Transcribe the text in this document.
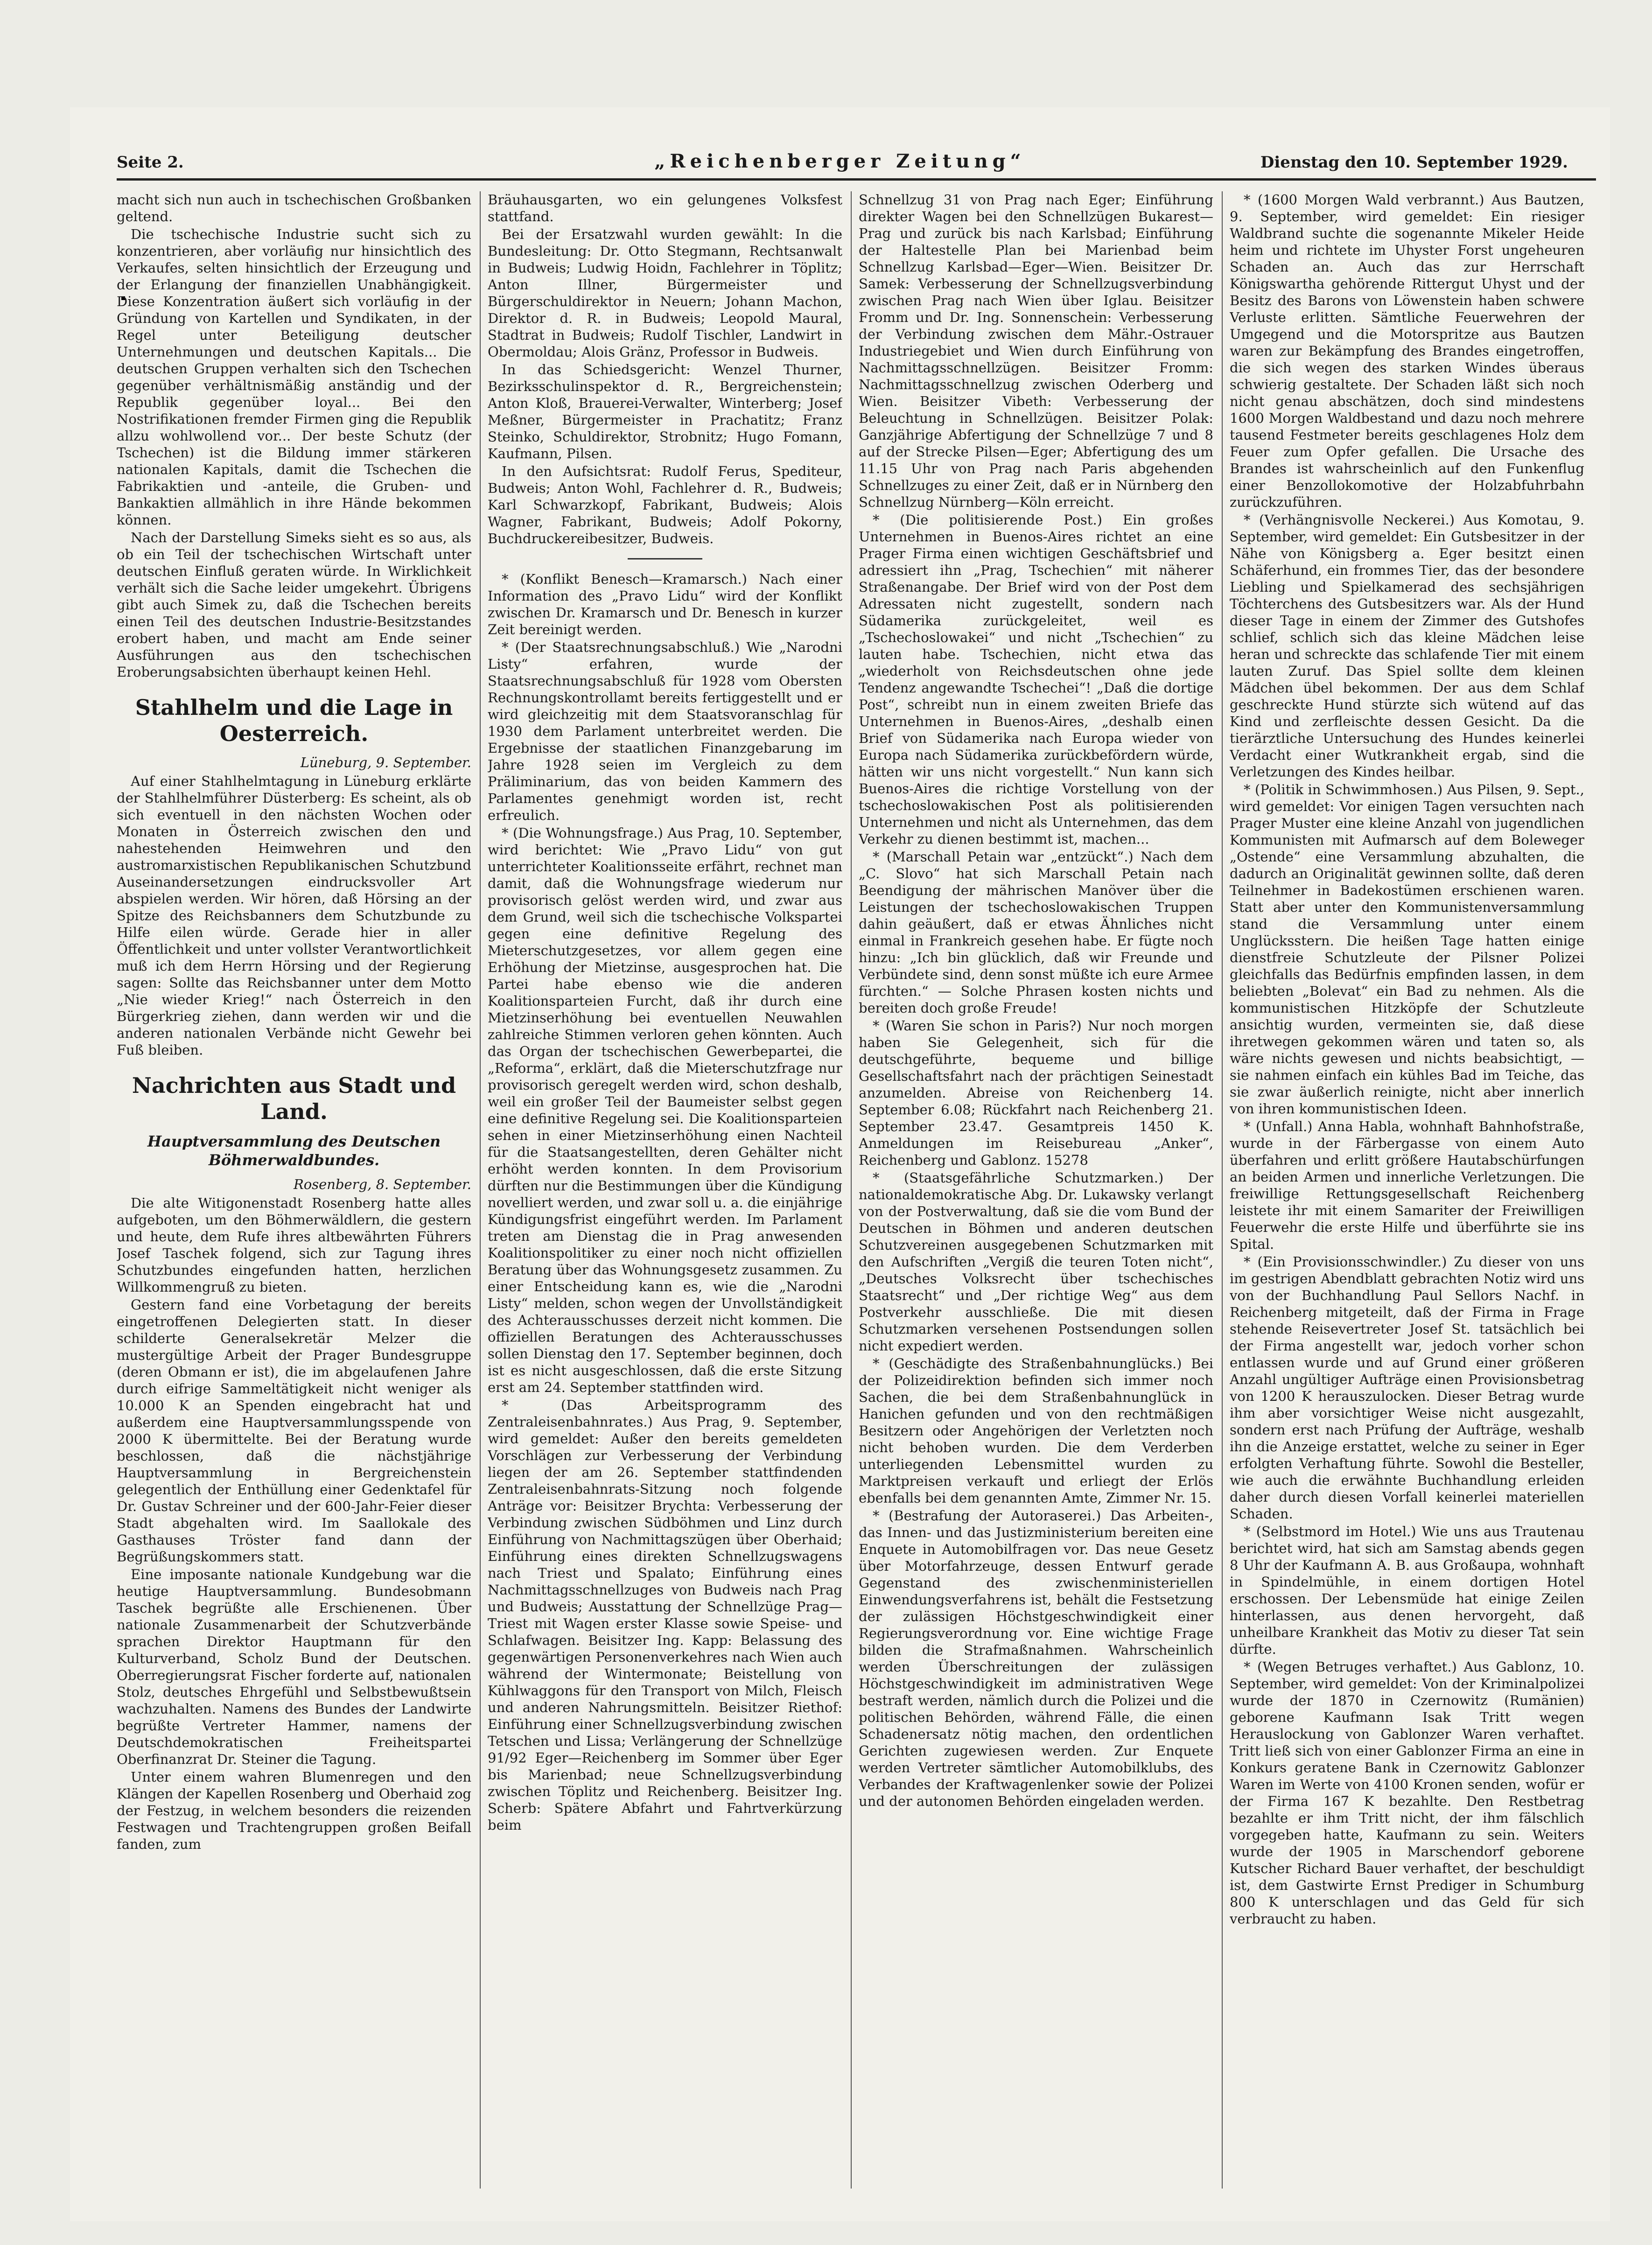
Seite 2.	„Reichenberger Zeitung“	Dienstag den 10. September 1929.

macht sich nun auch in tschechischen Großbanken geltend.

Die tschechische Industrie sucht sich zu konzentrieren, aber vorläufig nur hinsichtlich des Verkaufes, selten hinsichtlich der Erzeugung und der Erlangung der finanziellen Unabhängigkeit. Diese Konzentration äußert sich vorläufig in der Gründung von Kartellen und Syndikaten, in der Regel unter Beteiligung deutscher Unternehmungen und deutschen Kapitals... Die deutschen Gruppen verhalten sich den Tschechen gegenüber verhältnismäßig anständig und der Republik gegenüber loyal... Bei den Nostrifikationen fremder Firmen ging die Republik allzu wohlwollend vor... Der beste Schutz (der Tschechen) ist die Bildung immer stärkeren nationalen Kapitals, damit die Tschechen die Fabrikaktien und -anteile, die Gruben- und Bankaktien allmählich in ihre Hände bekommen können.

Nach der Darstellung Simeks sieht es so aus, als ob ein Teil der tschechischen Wirtschaft unter deutschen Einfluß geraten würde. In Wirklichkeit verhält sich die Sache leider umgekehrt. Übrigens gibt auch Simek zu, daß die Tschechen bereits einen Teil des deutschen Industrie-Besitzstandes erobert haben, und macht am Ende seiner Ausführungen aus den tschechischen Eroberungsabsichten überhaupt keinen Hehl.

Stahlhelm und die Lage in Oesterreich.

Lüneburg, 9. September.

Auf einer Stahlhelmtagung in Lüneburg erklärte der Stahlhelmführer Düsterberg: Es scheint, als ob sich eventuell in den nächsten Wochen oder Monaten in Österreich zwischen den und nahestehenden Heimwehren und den austromarxistischen Republikanischen Schutzbund Auseinandersetzungen eindrucksvoller Art abspielen werden. Wir hören, daß Hörsing an der Spitze des Reichsbanners dem Schutzbunde zu Hilfe eilen würde. Gerade hier in aller Öffentlichkeit und unter vollster Verantwortlichkeit muß ich dem Herrn Hörsing und der Regierung sagen: Sollte das Reichsbanner unter dem Motto „Nie wieder Krieg!“ nach Österreich in den Bürgerkrieg ziehen, dann werden wir und die anderen nationalen Verbände nicht Gewehr bei Fuß bleiben.

Nachrichten aus Stadt und Land.
Hauptversammlung des Deutschen Böhmerwaldbundes.

Rosenberg, 8. September.

Die alte Witigonenstadt Rosenberg hatte alles aufgeboten, um den Böhmerwäldlern, die gestern und heute, dem Rufe ihres altbewährten Führers Josef Taschek folgend, sich zur Tagung ihres Schutzbundes eingefunden hatten, herzlichen Willkommengruß zu bieten.

Gestern fand eine Vorbetagung der bereits eingetroffenen Delegierten statt. In dieser schilderte Generalsekretär Melzer die mustergültige Arbeit der Prager Bundesgruppe (deren Obmann er ist), die im abgelaufenen Jahre durch eifrige Sammeltätigkeit nicht weniger als 10.000 K an Spenden eingebracht hat und außerdem eine Hauptversammlungsspende von 2000 K übermittelte. Bei der Beratung wurde beschlossen, daß die nächstjährige Hauptversammlung in Bergreichenstein gelegentlich der Enthüllung einer Gedenktafel für Dr. Gustav Schreiner und der 600-Jahr-Feier dieser Stadt abgehalten wird. Im Saallokale des Gasthauses Tröster fand dann der Begrüßungskommers statt.

Eine imposante nationale Kundgebung war die heutige Hauptversammlung. Bundesobmann Taschek begrüßte alle Erschienenen. Über nationale Zusammenarbeit der Schutzverbände sprachen Direktor Hauptmann für den Kulturverband, Scholz Bund der Deutschen. Oberregierungsrat Fischer forderte auf, nationalen Stolz, deutsches Ehrgefühl und Selbstbewußtsein wachzuhalten. Namens des Bundes der Landwirte begrüßte Vertreter Hammer, namens der Deutschdemokratischen Freiheitspartei Oberfinanzrat Dr. Steiner die Tagung.

Unter einem wahren Blumenregen und den Klängen der Kapellen Rosenberg und Oberhaid zog der Festzug, in welchem besonders die reizenden Festwagen und Trachtengruppen großen Beifall fanden, zum

Bräuhausgarten, wo ein gelungenes Volksfest stattfand.

Bei der Ersatzwahl wurden gewählt: In die Bundesleitung: Dr. Otto Stegmann, Rechtsanwalt in Budweis; Ludwig Hoidn, Fachlehrer in Töplitz; Anton Illner, Bürgermeister und Bürgerschuldirektor in Neuern; Johann Machon, Direktor d. R. in Budweis; Leopold Maural, Stadtrat in Budweis; Rudolf Tischler, Landwirt in Obermoldau; Alois Gränz, Professor in Budweis.

In das Schiedsgericht: Wenzel Thurner, Bezirksschulinspektor d. R., Bergreichenstein; Anton Kloß, Brauerei-Verwalter, Winterberg; Josef Meßner, Bürgermeister in Prachatitz; Franz Steinko, Schuldirektor, Strobnitz; Hugo Fomann, Kaufmann, Pilsen.

In den Aufsichtsrat: Rudolf Ferus, Spediteur, Budweis; Anton Wohl, Fachlehrer d. R., Budweis; Karl Schwarzkopf, Fabrikant, Budweis; Alois Wagner, Fabrikant, Budweis; Adolf Pokorny, Buchdruckereibesitzer, Budweis.

* (Konflikt Benesch—Kramarsch.) Nach einer Information des „Pravo Lidu“ wird der Konflikt zwischen Dr. Kramarsch und Dr. Benesch in kurzer Zeit bereinigt werden.

* (Der Staatsrechnungsabschluß.) Wie „Narodni Listy“ erfahren, wurde der Staatsrechnungsabschluß für 1928 vom Obersten Rechnungskontrollamt bereits fertiggestellt und er wird gleichzeitig mit dem Staatsvoranschlag für 1930 dem Parlament unterbreitet werden. Die Ergebnisse der staatlichen Finanzgebarung im Jahre 1928 seien im Vergleich zu dem Präliminarium, das von beiden Kammern des Parlamentes genehmigt worden ist, recht erfreulich.

* (Die Wohnungsfrage.) Aus Prag, 10. September, wird berichtet: Wie „Pravo Lidu“ von gut unterrichteter Koalitionsseite erfährt, rechnet man damit, daß die Wohnungsfrage wiederum nur provisorisch gelöst werden wird, und zwar aus dem Grund, weil sich die tschechische Volkspartei gegen eine definitive Regelung des Mieterschutzgesetzes, vor allem gegen eine Erhöhung der Mietzinse, ausgesprochen hat. Die Partei habe ebenso wie die anderen Koalitionsparteien Furcht, daß ihr durch eine Mietzinserhöhung bei eventuellen Neuwahlen zahlreiche Stimmen verloren gehen könnten. Auch das Organ der tschechischen Gewerbepartei, die „Reforma“, erklärt, daß die Mieterschutzfrage nur provisorisch geregelt werden wird, schon deshalb, weil ein großer Teil der Baumeister selbst gegen eine definitive Regelung sei. Die Koalitionsparteien sehen in einer Mietzinserhöhung einen Nachteil für die Staatsangestellten, deren Gehälter nicht erhöht werden konnten. In dem Provisorium dürften nur die Bestimmungen über die Kündigung novelliert werden, und zwar soll u. a. die einjährige Kündigungsfrist eingeführt werden. Im Parlament treten am Dienstag die in Prag anwesenden Koalitionspolitiker zu einer noch nicht offiziellen Beratung über das Wohnungsgesetz zusammen. Zu einer Entscheidung kann es, wie die „Narodni Listy“ melden, schon wegen der Unvollständigkeit des Achterausschusses derzeit nicht kommen. Die offiziellen Beratungen des Achterausschusses sollen Dienstag den 17. September beginnen, doch ist es nicht ausgeschlossen, daß die erste Sitzung erst am 24. September stattfinden wird.

* (Das Arbeitsprogramm des Zentraleisenbahnrates.) Aus Prag, 9. September, wird gemeldet: Außer den bereits gemeldeten Vorschlägen zur Verbesserung der Verbindung liegen der am 26. September stattfindenden Zentraleisenbahnrats-Sitzung noch folgende Anträge vor: Beisitzer Brychta: Verbesserung der Verbindung zwischen Südböhmen und Linz durch Einführung von Nachmittagszügen über Oberhaid; Einführung eines direkten Schnellzugswagens nach Triest und Spalato; Einführung eines Nachmittagsschnellzuges von Budweis nach Prag und Budweis; Ausstattung der Schnellzüge Prag—Triest mit Wagen erster Klasse sowie Speise- und Schlafwagen. Beisitzer Ing. Kapp: Belassung des gegenwärtigen Personenverkehres nach Wien auch während der Wintermonate; Beistellung von Kühlwaggons für den Transport von Milch, Fleisch und anderen Nahrungsmitteln. Beisitzer Riethof: Einführung einer Schnellzugsverbindung zwischen Tetschen und Lissa; Verlängerung der Schnellzüge 91/92 Eger—Reichenberg im Sommer über Eger bis Marienbad; neue Schnellzugsverbindung zwischen Töplitz und Reichenberg. Beisitzer Ing. Scherb: Spätere Abfahrt und Fahrtverkürzung beim

Schnellzug 31 von Prag nach Eger; Einführung direkter Wagen bei den Schnellzügen Bukarest—Prag und zurück bis nach Karlsbad; Einführung der Haltestelle Plan bei Marienbad beim Schnellzug Karlsbad—Eger—Wien. Beisitzer Dr. Samek: Verbesserung der Schnellzugsverbindung zwischen Prag nach Wien über Iglau. Beisitzer Fromm und Dr. Ing. Sonnenschein: Verbesserung der Verbindung zwischen dem Mähr.-Ostrauer Industriegebiet und Wien durch Einführung von Nachmittagsschnellzügen. Beisitzer Fromm: Nachmittagsschnellzug zwischen Oderberg und Wien. Beisitzer Vibeth: Verbesserung der Beleuchtung in Schnellzügen. Beisitzer Polak: Ganzjährige Abfertigung der Schnellzüge 7 und 8 auf der Strecke Pilsen—Eger; Abfertigung des um 11.15 Uhr von Prag nach Paris abgehenden Schnellzuges zu einer Zeit, daß er in Nürnberg den Schnellzug Nürnberg—Köln erreicht.

* (Die politisierende Post.) Ein großes Unternehmen in Buenos-Aires richtet an eine Prager Firma einen wichtigen Geschäftsbrief und adressiert ihn „Prag, Tschechien“ mit näherer Straßenangabe. Der Brief wird von der Post dem Adressaten nicht zugestellt, sondern nach Südamerika zurückgeleitet, weil es „Tschechoslowakei“ und nicht „Tschechien“ zu lauten habe. Tschechien, nicht etwa das „wiederholt von Reichsdeutschen ohne jede Tendenz angewandte Tschechei“! „Daß die dortige Post“, schreibt nun in einem zweiten Briefe das Unternehmen in Buenos-Aires, „deshalb einen Brief von Südamerika nach Europa wieder von Europa nach Südamerika zurückbefördern würde, hätten wir uns nicht vorgestellt.“ Nun kann sich Buenos-Aires die richtige Vorstellung von der tschechoslowakischen Post als politisierenden Unternehmen und nicht als Unternehmen, das dem Verkehr zu dienen bestimmt ist, machen...

* (Marschall Petain war „entzückt“.) Nach dem „C. Slovo“ hat sich Marschall Petain nach Beendigung der mährischen Manöver über die Leistungen der tschechoslowakischen Truppen dahin geäußert, daß er etwas Ähnliches nicht einmal in Frankreich gesehen habe. Er fügte noch hinzu: „Ich bin glücklich, daß wir Freunde und Verbündete sind, denn sonst müßte ich eure Armee fürchten.“ — Solche Phrasen kosten nichts und bereiten doch große Freude!

* (Waren Sie schon in Paris?) Nur noch morgen haben Sie Gelegenheit, sich für die deutschgeführte, bequeme und billige Gesellschaftsfahrt nach der prächtigen Seinestadt anzumelden. Abreise von Reichenberg 14. September 6.08; Rückfahrt nach Reichenberg 21. September 23.47. Gesamtpreis 1450 K. Anmeldungen im Reisebureau „Anker“, Reichenberg und Gablonz. 15278

* (Staatsgefährliche Schutzmarken.) Der nationaldemokratische Abg. Dr. Lukawsky verlangt von der Postverwaltung, daß sie die vom Bund der Deutschen in Böhmen und anderen deutschen Schutzvereinen ausgegebenen Schutzmarken mit den Aufschriften „Vergiß die teuren Toten nicht“, „Deutsches Volksrecht über tschechisches Staatsrecht“ und „Der richtige Weg“ aus dem Postverkehr ausschließe. Die mit diesen Schutzmarken versehenen Postsendungen sollen nicht expediert werden.

* (Geschädigte des Straßenbahnunglücks.) Bei der Polizeidirektion befinden sich immer noch Sachen, die bei dem Straßenbahnunglück in Hanichen gefunden und von den rechtmäßigen Besitzern oder Angehörigen der Verletzten noch nicht behoben wurden. Die dem Verderben unterliegenden Lebensmittel wurden zu Marktpreisen verkauft und erliegt der Erlös ebenfalls bei dem genannten Amte, Zimmer Nr. 15.

* (Bestrafung der Autoraserei.) Das Arbeiten-, das Innen- und das Justizministerium bereiten eine Enquete in Automobilfragen vor. Das neue Gesetz über Motorfahrzeuge, dessen Entwurf gerade Gegenstand des zwischenministeriellen Einwendungsverfahrens ist, behält die Festsetzung der zulässigen Höchstgeschwindigkeit einer Regierungsverordnung vor. Eine wichtige Frage bilden die Strafmaßnahmen. Wahrscheinlich werden Überschreitungen der zulässigen Höchstgeschwindigkeit im administrativen Wege bestraft werden, nämlich durch die Polizei und die politischen Behörden, während Fälle, die einen Schadenersatz nötig machen, den ordentlichen Gerichten zugewiesen werden. Zur Enquete werden Vertreter sämtlicher Automobilklubs, des Verbandes der Kraftwagenlenker sowie der Polizei und der autonomen Behörden eingeladen werden.

* (1600 Morgen Wald verbrannt.) Aus Bautzen, 9. September, wird gemeldet: Ein riesiger Waldbrand suchte die sogenannte Mikeler Heide heim und richtete im Uhyster Forst ungeheuren Schaden an. Auch das zur Herrschaft Königswartha gehörende Rittergut Uhyst und der Besitz des Barons von Löwenstein haben schwere Verluste erlitten. Sämtliche Feuerwehren der Umgegend und die Motorspritze aus Bautzen waren zur Bekämpfung des Brandes eingetroffen, die sich wegen des starken Windes überaus schwierig gestaltete. Der Schaden läßt sich noch nicht genau abschätzen, doch sind mindestens 1600 Morgen Waldbestand und dazu noch mehrere tausend Festmeter bereits geschlagenes Holz dem Feuer zum Opfer gefallen. Die Ursache des Brandes ist wahrscheinlich auf den Funkenflug einer Benzollokomotive der Holzabfuhrbahn zurückzuführen.

* (Verhängnisvolle Neckerei.) Aus Komotau, 9. September, wird gemeldet: Ein Gutsbesitzer in der Nähe von Königsberg a. Eger besitzt einen Schäferhund, ein frommes Tier, das der besondere Liebling und Spielkamerad des sechsjährigen Töchterchens des Gutsbesitzers war. Als der Hund dieser Tage in einem der Zimmer des Gutshofes schlief, schlich sich das kleine Mädchen leise heran und schreckte das schlafende Tier mit einem lauten Zuruf. Das Spiel sollte dem kleinen Mädchen übel bekommen. Der aus dem Schlaf geschreckte Hund stürzte sich wütend auf das Kind und zerfleischte dessen Gesicht. Da die tierärztliche Untersuchung des Hundes keinerlei Verdacht einer Wutkrankheit ergab, sind die Verletzungen des Kindes heilbar.

* (Politik in Schwimmhosen.) Aus Pilsen, 9. Sept., wird gemeldet: Vor einigen Tagen versuchten nach Prager Muster eine kleine Anzahl von jugendlichen Kommunisten mit Aufmarsch auf dem Boleweger „Ostende“ eine Versammlung abzuhalten, die dadurch an Originalität gewinnen sollte, daß deren Teilnehmer in Badekostümen erschienen waren. Statt aber unter den Kommunistenversammlung stand die Versammlung unter einem Unglücksstern. Die heißen Tage hatten einige dienstfreie Schutzleute der Pilsner Polizei gleichfalls das Bedürfnis empfinden lassen, in dem beliebten „Bolevat“ ein Bad zu nehmen. Als die kommunistischen Hitzköpfe der Schutzleute ansichtig wurden, vermeinten sie, daß diese ihretwegen gekommen wären und taten so, als wäre nichts gewesen und nichts beabsichtigt, — sie nahmen einfach ein kühles Bad im Teiche, das sie zwar äußerlich reinigte, nicht aber innerlich von ihren kommunistischen Ideen.

* (Unfall.) Anna Habla, wohnhaft Bahnhofstraße, wurde in der Färbergasse von einem Auto überfahren und erlitt größere Hautabschürfungen an beiden Armen und innerliche Verletzungen. Die freiwillige Rettungsgesellschaft Reichenberg leistete ihr mit einem Samariter der Freiwilligen Feuerwehr die erste Hilfe und überführte sie ins Spital.

* (Ein Provisionsschwindler.) Zu dieser von uns im gestrigen Abendblatt gebrachten Notiz wird uns von der Buchhandlung Paul Sellors Nachf. in Reichenberg mitgeteilt, daß der Firma in Frage stehende Reisevertreter Josef St. tatsächlich bei der Firma angestellt war, jedoch vorher schon entlassen wurde und auf Grund einer größeren Anzahl ungültiger Aufträge einen Provisionsbetrag von 1200 K herauszulocken. Dieser Betrag wurde ihm aber vorsichtiger Weise nicht ausgezahlt, sondern erst nach Prüfung der Aufträge, weshalb ihn die Anzeige erstattet, welche zu seiner in Eger erfolgten Verhaftung führte. Sowohl die Besteller, wie auch die erwähnte Buchhandlung erleiden daher durch diesen Vorfall keinerlei materiellen Schaden.

* (Selbstmord im Hotel.) Wie uns aus Trautenau berichtet wird, hat sich am Samstag abends gegen 8 Uhr der Kaufmann A. B. aus Großaupa, wohnhaft in Spindelmühle, in einem dortigen Hotel erschossen. Der Lebensmüde hat einige Zeilen hinterlassen, aus denen hervorgeht, daß unheilbare Krankheit das Motiv zu dieser Tat sein dürfte.

* (Wegen Betruges verhaftet.) Aus Gablonz, 10. September, wird gemeldet: Von der Kriminalpolizei wurde der 1870 in Czernowitz (Rumänien) geborene Kaufmann Isak Tritt wegen Herauslockung von Gablonzer Waren verhaftet. Tritt ließ sich von einer Gablonzer Firma an eine in Konkurs geratene Bank in Czernowitz Gablonzer Waren im Werte von 4100 Kronen senden, wofür er der Firma 167 K bezahlte. Den Restbetrag bezahlte er ihm Tritt nicht, der ihm fälschlich vorgegeben hatte, Kaufmann zu sein. Weiters wurde der 1905 in Marschendorf geborene Kutscher Richard Bauer verhaftet, der beschuldigt ist, dem Gastwirte Ernst Prediger in Schumburg 800 K unterschlagen und das Geld für sich verbraucht zu haben.
